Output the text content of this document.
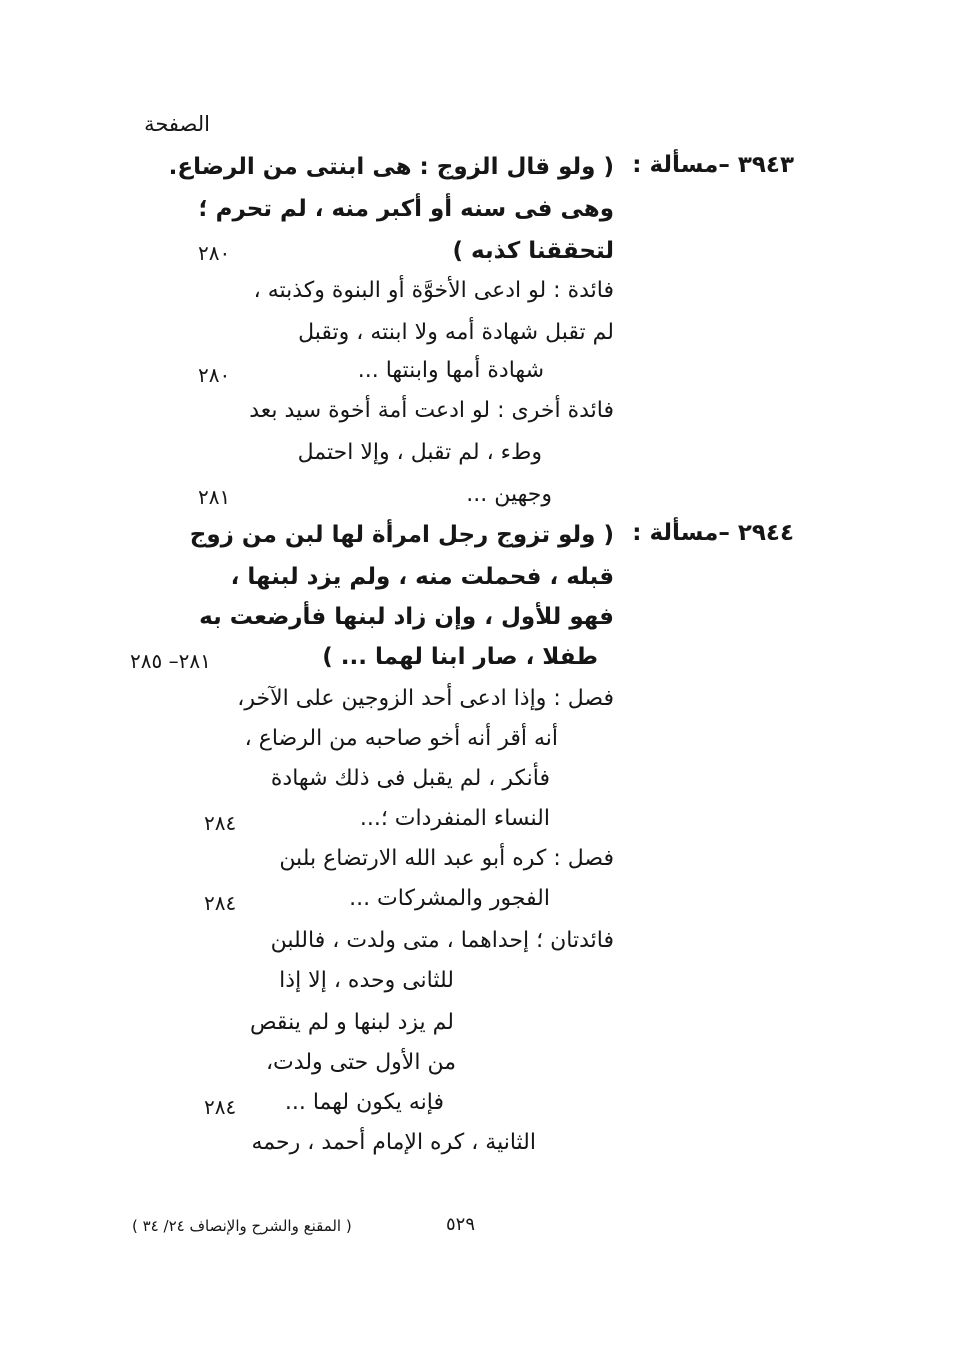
الصفحة
٣٩٤٣ –مسألة :
( ولو قال الزوج : هى ابنتى من الرضاع.
وهى فى سنه أو أكبر منه ، لم تحرم ؛
لتحققنا كذبه )
٢٨٠
فائدة : لو ادعى الأخوَّة أو البنوة وكذبته ،
لم تقبل شهادة أمه ولا ابنته ، وتقبل
شهادة أمها وابنتها ...
٢٨٠
فائدة أخرى : لو ادعت أمة أخوة سيد بعد
وطء ، لم تقبل ، وإلا احتمل
وجهين ...
٢٨١
٢٩٤٤ –مسألة :
( ولو تزوج رجل امرأة لها لبن من زوج
قبله ، فحملت منه ، ولم يزد لبنها ،
فهو للأول ، وإن زاد لبنها فأرضعت به
طفلا ، صار ابنا لهما ... )
٢٨١– ٢٨٥
فصل : وإذا ادعى أحد الزوجين على الآخر،
أنه أقر أنه أخو صاحبه من الرضاع ،
فأنكر ، لم يقبل فى ذلك شهادة
النساء المنفردات ؛...
٢٨٤
فصل : كره أبو عبد الله الارتضاع بلبن
الفجور والمشركات ...
٢٨٤
فائدتان ؛ إحداهما ، متى ولدت ، فاللبن
للثانى وحده ، إلا إذا
لم يزد لبنها و لم ينقص
من الأول حتى ولدت،
فإنه يكون لهما ...
٢٨٤
الثانية ، كره الإمام أحمد ، رحمه
٥٢٩
( المقنع والشرح والإنصاف ٢٤/ ٣٤ )
